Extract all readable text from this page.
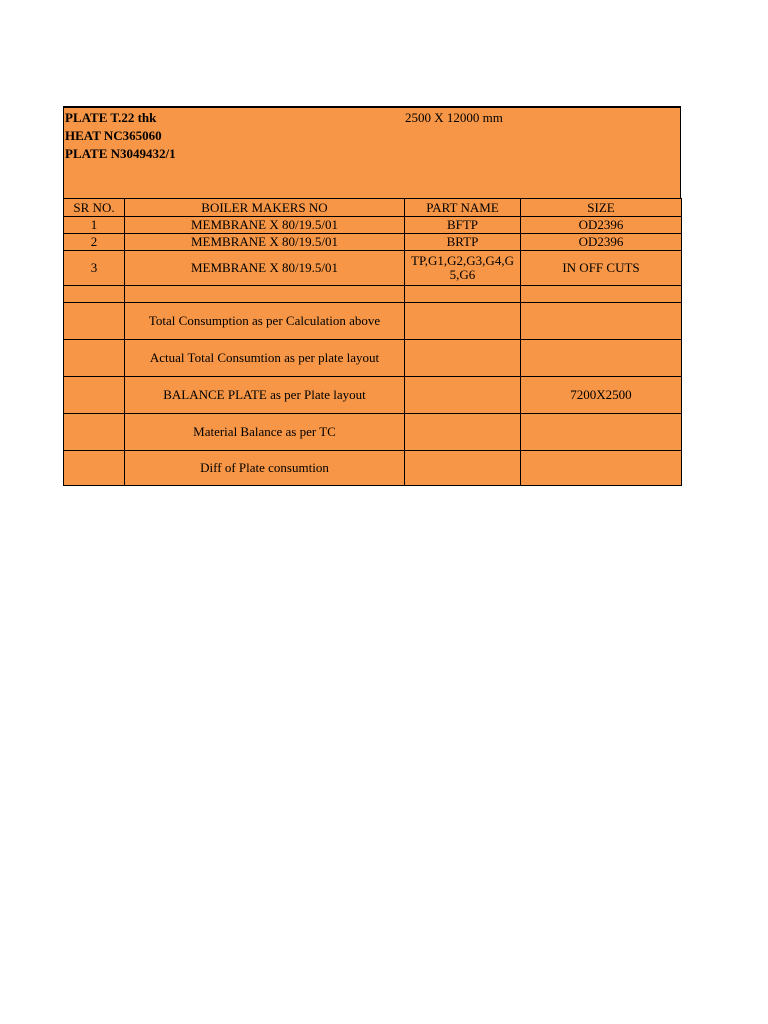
PLATE T.22 thk
HEAT NC365060
PLATE N3049432/1
2500 X 12000 mm
SR NO.	BOILER MAKERS NO	PART NAME	SIZE
1	MEMBRANE X 80/19.5/01	BFTP	OD2396
2	MEMBRANE X 80/19.5/01	BRTP	OD2396
3	MEMBRANE X 80/19.5/01	TP,G1,G2,G3,G4,G5,G6	IN OFF CUTS

	Total Consumption as per Calculation above		
	Actual Total Consumtion as per plate layout		
	BALANCE PLATE as per Plate layout		7200X2500
	Material Balance as per TC		
	Diff of Plate consumtion		
